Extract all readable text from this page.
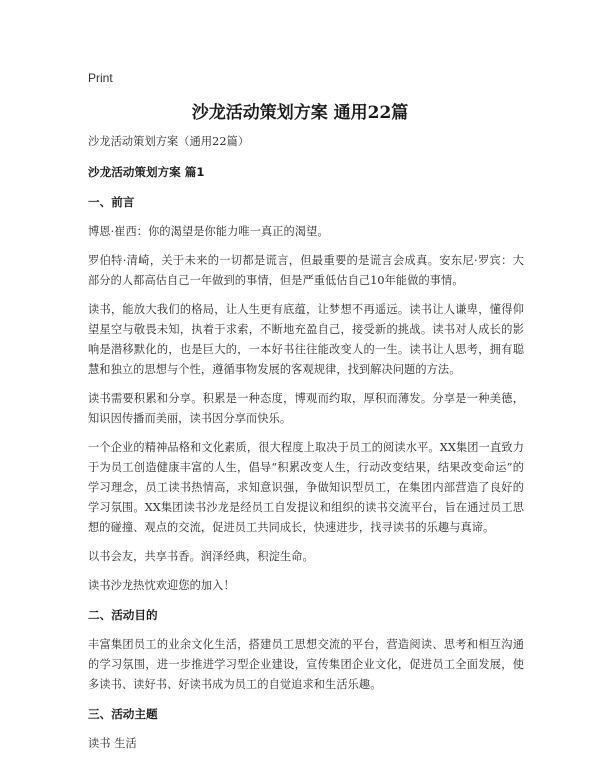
Print
沙龙活动策划方案 通用22篇

沙龙活动策划方案（通用22篇）

沙龙活动策划方案 篇1

一、前言

博恩·崔西：你的渴望是你能力唯一真正的渴望。

罗伯特·清崎，关于未来的一切都是谎言，但最重要的是谎言会成真。安东尼·罗宾：大部分的人都高估自己一年做到的事情，但是严重低估自己10年能做的事情。

读书，能放大我们的格局，让人生更有底蕴，让梦想不再遥远。读书让人谦卑，懂得仰望星空与敬畏未知，执着于求索，不断地充盈自己，接受新的挑战。读书对人成长的影响是潜移默化的，也是巨大的，一本好书往往能改变人的一生。读书让人思考，拥有聪慧和独立的思想与个性，遵循事物发展的客观规律，找到解决问题的方法。

读书需要积累和分享。积累是一种态度，博观而约取，厚积而薄发。分享是一种美德，知识因传播而美丽，读书因分享而快乐。

一个企业的精神品格和文化素质，很大程度上取决于员工的阅读水平。XX集团一直致力于为员工创造健康丰富的人生，倡导“积累改变人生，行动改变结果，结果改变命运”的学习理念，员工读书热情高，求知意识强，争做知识型员工，在集团内部营造了良好的学习氛围。XX集团读书沙龙是经员工自发提议和组织的读书交流平台，旨在通过员工思想的碰撞、观点的交流，促进员工共同成长，快速进步，找寻读书的乐趣与真谛。

以书会友，共享书香。润泽经典，积淀生命。

读书沙龙热忱欢迎您的加入！

二、活动目的

丰富集团员工的业余文化生活，搭建员工思想交流的平台，营造阅读、思考和相互沟通的学习氛围，进一步推进学习型企业建设，宣传集团企业文化，促进员工全面发展，使多读书、读好书、好读书成为员工的自觉追求和生活乐趣。

三、活动主题

读书 生活
